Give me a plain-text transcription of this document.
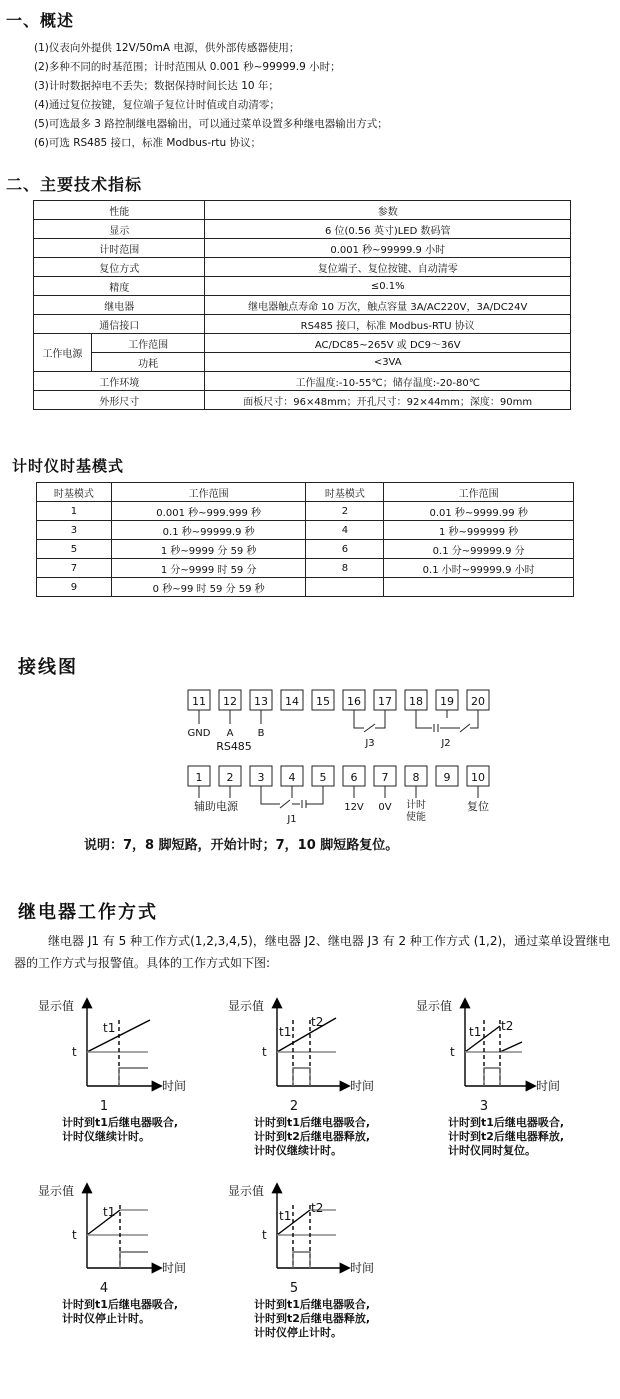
一、概述
(1)仪表向外提供 12V/50mA 电源，供外部传感器使用；
(2)多种不同的时基范围；计时范围从 0.001 秒~99999.9 小时；
(3)计时数据掉电不丢失；数据保持时间长达 10 年；
(4)通过复位按键，复位端子复位计时值或自动清零；
(5)可选最多 3 路控制继电器输出，可以通过菜单设置多种继电器输出方式；
(6)可选 RS485 接口，标准 Modbus-rtu 协议；
二、主要技术指标
性能		参数
显示		6 位(0.56 英寸)LED 数码管
计时范围		0.001 秒~99999.9 小时
复位方式		复位端子、复位按键、自动清零
精度		≤0.1%
继电器		继电器触点寿命 10 万次，触点容量 3A/AC220V，3A/DC24V
通信接口		RS485 接口，标准 Modbus-RTU 协议
工作电源	工作范围	AC/DC85~265V 或 DC9～36V
	功耗	<3VA
工作环境		工作温度:-10-55℃；储存温度:-20-80℃
外形尺寸		面板尺寸：96×48mm；开孔尺寸：92×44mm；深度：90mm
计时仪时基模式
时基模式	工作范围	时基模式	工作范围
1	0.001 秒~999.999 秒	2	0.01 秒~9999.99 秒
3	0.1 秒~99999.9 秒	4	1 秒~999999 秒
5	1 秒~9999 分 59 秒	6	0.1 分~99999.9 分
7	1 分~9999 时 59 分	8	0.1 小时~99999.9 小时
9	0 秒~99 时 59 分 59 秒		
接线图
11 12 13 14 15 16 17 18 19 20
1 2 3 4 5 6 7 8 9 10
GND A B
RS485	J3	J2
J1
辅助电源	12V 0V 计时
使能
复位
说明：7，8 脚短路，开始计时；7，10 脚短路复位。
继电器工作方式
继电器 J1 有 5 种工作方式(1,2,3,4,5)，继电器 J2、继电器 J3 有 2 种工作方式 (1,2)，通过菜单设置继电器的工作方式与报警值。具体的工作方式如下图:
显示值
时间
t
t1
显示值
时间
t
t1
t2
显示值
时间
t
t1 t2
显示值
时间
t
t1
显示值
时间
t
t1
t2
1	2	3
4	5
计时到t1后继电器吸合,
计时仪继续计时。
计时到t1后继电器吸合,
计时到t2后继电器释放,
计时仪继续计时。
计时到t1后继电器吸合,
计时到t2后继电器释放,
计时仪同时复位。
计时到t1后继电器吸合,
计时仪停止计时。
计时到t1后继电器吸合,
计时到t2后继电器释放,
计时仪停止计时。
